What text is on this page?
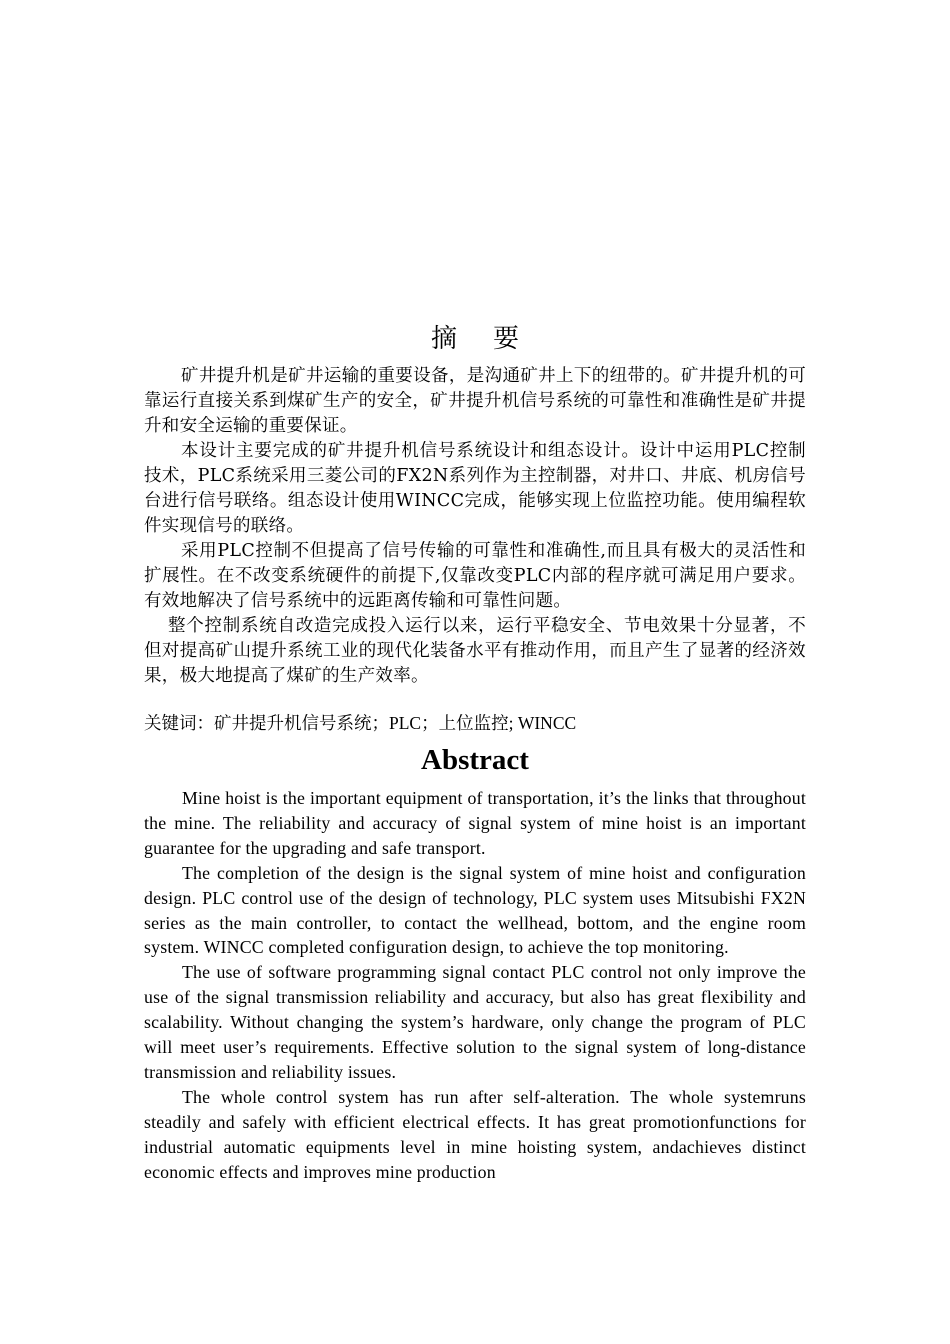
摘要

矿井提升机是矿井运输的重要设备，是沟通矿井上下的纽带的。矿井提升机的可靠运行直接关系到煤矿生产的安全，矿井提升机信号系统的可靠性和准确性是矿井提升和安全运输的重要保证。

本设计主要完成的矿井提升机信号系统设计和组态设计。设计中运用PLC控制技术，PLC系统采用三菱公司的FX2N系列作为主控制器，对井口、井底、机房信号台进行信号联络。组态设计使用WINCC完成，能够实现上位监控功能。使用编程软件实现信号的联络。

采用PLC控制不但提高了信号传输的可靠性和准确性,而且具有极大的灵活性和扩展性。在不改变系统硬件的前提下,仅靠改变PLC内部的程序就可满足用户要求。有效地解决了信号系统中的远距离传输和可靠性问题。

整个控制系统自改造完成投入运行以来，运行平稳安全、节电效果十分显著，不但对提高矿山提升系统工业的现代化装备水平有推动作用，而且产生了显著的经济效果，极大地提高了煤矿的生产效率。

关键词：矿井提升机信号系统；PLC；上位监控; WINCC
Abstract

Mine hoist is the important equipment of transportation, it’s the links that throughout the mine. The reliability and accuracy of signal system of mine hoist is an important guarantee for the upgrading and safe transport.

The completion of the design is the signal system of mine hoist and configuration design. PLC control use of the design of technology, PLC system uses Mitsubishi FX2N series as the main controller, to contact the wellhead, bottom, and the engine room system. WINCC completed configuration design, to achieve the top monitoring.

The use of software programming signal contact PLC control not only improve the use of the signal transmission reliability and accuracy, but also has great flexibility and scalability. Without changing the system’s hardware, only change the program of PLC will meet user’s requirements. Effective solution to the signal system of long-distance transmission and reliability issues.

The whole control system has run after self-alteration. The whole systemruns steadily and safely with efficient electrical effects. It has great promotionfunctions for industrial automatic equipments level in mine hoisting system, andachieves distinct economic effects and improves mine production
